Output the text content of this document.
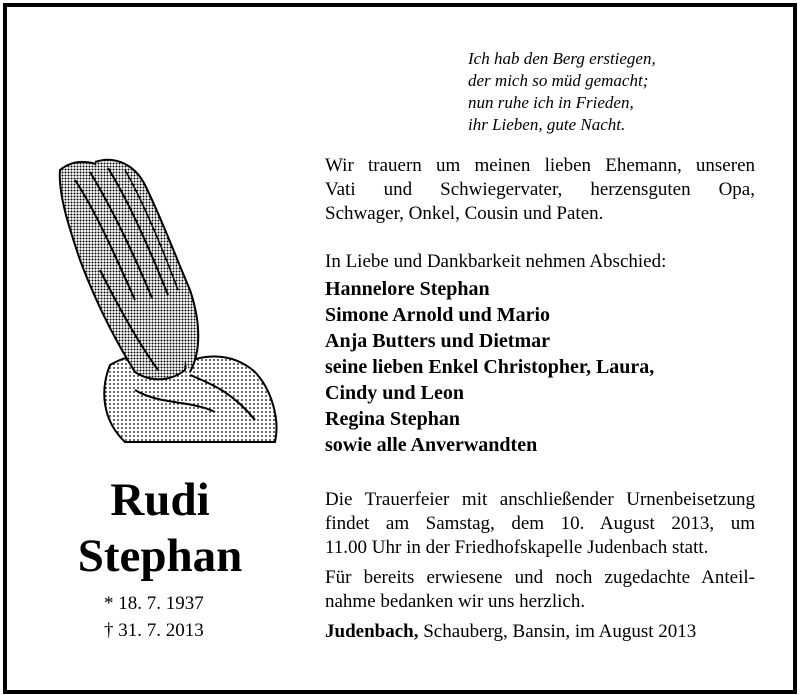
Ich hab den Berg erstiegen,
der mich so müd gemacht;
nun ruhe ich in Frieden,
ihr Lieben, gute Nacht.
Rudi
Stephan
* 18. 7. 1937
† 31. 7. 2013
Wir trauern um meinen lieben Ehemann, unseren
Vati und Schwiegervater, herzensguten Opa,
Schwager, Onkel, Cousin und Paten.
In Liebe und Dankbarkeit nehmen Abschied:
Hannelore Stephan
Simone Arnold und Mario
Anja Butters und Dietmar
seine lieben Enkel Christopher, Laura,
Cindy und Leon
Regina Stephan
sowie alle Anverwandten
Die Trauerfeier mit anschließender Urnenbeisetzung
findet am Samstag, dem 10. August 2013, um
11.00 Uhr in der Friedhofskapelle Judenbach statt.
Für bereits erwiesene und noch zugedachte Anteil-
nahme bedanken wir uns herzlich.
Judenbach, Schauberg, Bansin, im August 2013
